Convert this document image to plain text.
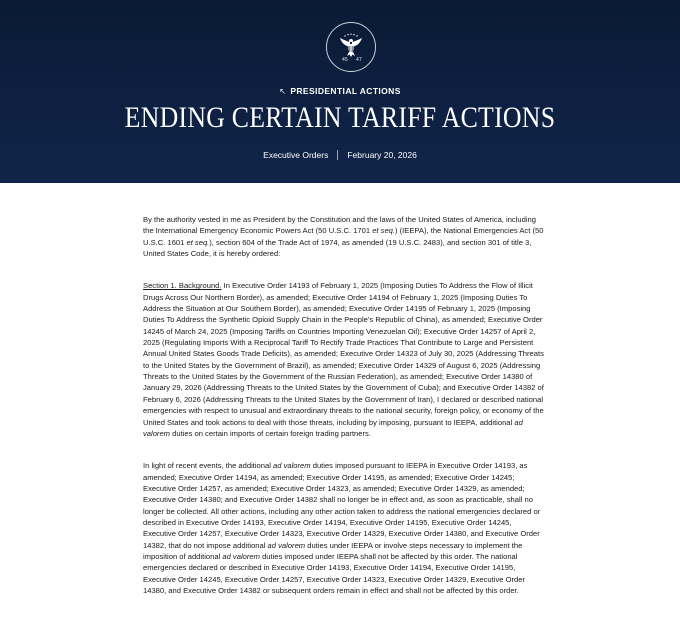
45 47
↖ PRESIDENTIAL ACTIONS
ENDING CERTAIN TARIFF ACTIONS
Executive Orders February 20, 2026

By the authority vested in me as President by the Constitution and the laws of the United States of America, including the International Emergency Economic Powers Act (50 U.S.C. 1701 et seq.) (IEEPA), the National Emergencies Act (50 U.S.C. 1601 et seq.), section 604 of the Trade Act of 1974, as amended (19 U.S.C. 2483), and section 301 of title 3, United States Code, it is hereby ordered:

Section 1. Background. In Executive Order 14193 of February 1, 2025 (Imposing Duties To Address the Flow of Illicit Drugs Across Our Northern Border), as amended; Executive Order 14194 of February 1, 2025 (Imposing Duties To Address the Situation at Our Southern Border), as amended; Executive Order 14195 of February 1, 2025 (Imposing Duties To Address the Synthetic Opioid Supply Chain in the People’s Republic of China), as amended; Executive Order 14245 of March 24, 2025 (Imposing Tariffs on Countries Importing Venezuelan Oil); Executive Order 14257 of April 2, 2025 (Regulating Imports With a Reciprocal Tariff To Rectify Trade Practices That Contribute to Large and Persistent Annual United States Goods Trade Deficits), as amended; Executive Order 14323 of July 30, 2025 (Addressing Threats to the United States by the Government of Brazil), as amended; Executive Order 14329 of August 6, 2025 (Addressing Threats to the United States by the Government of the Russian Federation), as amended; Executive Order 14380 of January 29, 2026 (Addressing Threats to the United States by the Government of Cuba); and Executive Order 14382 of February 6, 2026 (Addressing Threats to the United States by the Government of Iran), I declared or described national emergencies with respect to unusual and extraordinary threats to the national security, foreign policy, or economy of the United States and took actions to deal with those threats, including by imposing, pursuant to IEEPA, additional ad valorem duties on certain imports of certain foreign trading partners.

In light of recent events, the additional ad valorem duties imposed pursuant to IEEPA in Executive Order 14193, as amended; Executive Order 14194, as amended; Executive Order 14195, as amended; Executive Order 14245; Executive Order 14257, as amended; Executive Order 14323, as amended; Executive Order 14329, as amended; Executive Order 14380; and Executive Order 14382 shall no longer be in effect and, as soon as practicable, shall no longer be collected. All other actions, including any other action taken to address the national emergencies declared or described in Executive Order 14193, Executive Order 14194, Executive Order 14195, Executive Order 14245, Executive Order 14257, Executive Order 14323, Executive Order 14329, Executive Order 14380, and Executive Order 14382, that do not impose additional ad valorem duties under IEEPA or involve steps necessary to implement the imposition of additional ad valorem duties imposed under IEEPA shall not be affected by this order. The national emergencies declared or described in Executive Order 14193, Executive Order 14194, Executive Order 14195, Executive Order 14245, Executive Order 14257, Executive Order 14323, Executive Order 14329, Executive Order 14380, and Executive Order 14382 or subsequent orders remain in effect and shall not be affected by this order.
